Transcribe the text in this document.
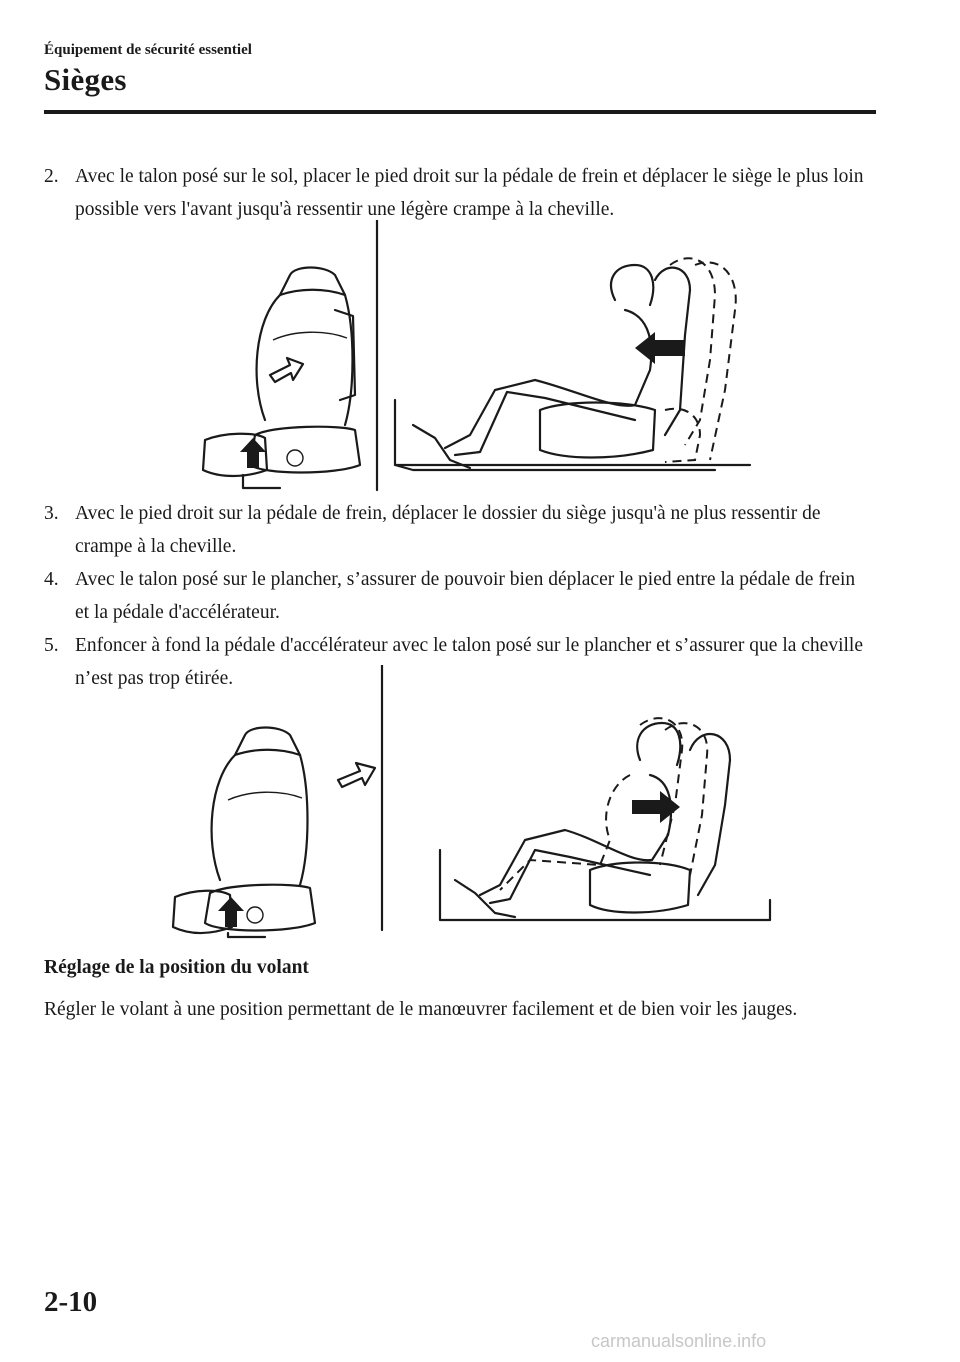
Équipement de sécurité essentiel
Sièges
2. Avec le talon posé sur le sol, placer le pied droit sur la pédale de frein et déplacer le siège le plus loin possible vers l'avant jusqu'à ressentir une légère crampe à la cheville.
3. Avec le pied droit sur la pédale de frein, déplacer le dossier du siège jusqu'à ne plus ressentir de crampe à la cheville.
4. Avec le talon posé sur le plancher, s’assurer de pouvoir bien déplacer le pied entre la pédale de frein et la pédale d'accélérateur.
5. Enfoncer à fond la pédale d'accélérateur avec le talon posé sur le plancher et s’assurer que la cheville n’est pas trop étirée.
Réglage de la position du volant
Régler le volant à une position permettant de le manœuvrer facilement et de bien voir les jauges.
2-10
carmanualsonline.info
